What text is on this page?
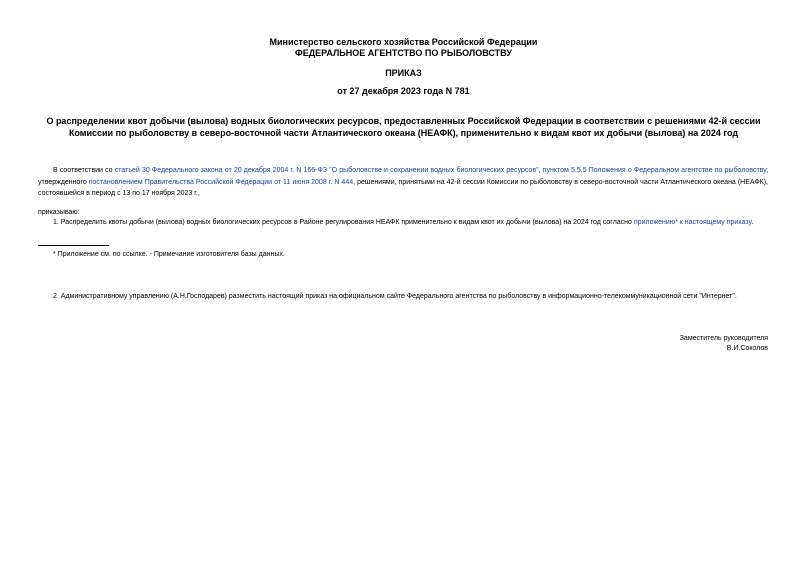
Министерство сельского хозяйства Российской Федерации
ФЕДЕРАЛЬНОЕ АГЕНТСТВО ПО РЫБОЛОВСТВУ
ПРИКАЗ
от 27 декабря 2023 года N 781
О распределении квот добычи (вылова) водных биологических ресурсов, предоставленных Российской Федерации в соответствии с решениями 42-й сессии Комиссии по рыболовству в северо-восточной части Атлантического океана (НЕАФК), применительно к видам квот их добычи (вылова) на 2024 год
В соответствии со статьей 30 Федерального закона от 20 декабря 2004 г. N 166-ФЗ "О рыболовстве и сохранении водных биологических ресурсов", пунктом 5.5.5 Положения о Федеральном агентстве по рыболовству, утвержденного постановлением Правительства Российской Федерации от 11 июня 2008 г. N 444, решениями, принятыми на 42-й сессии Комиссии по рыболовству в северо-восточной части Атлантического океана (НЕАФК), состоявшейся в период с 13 по 17 ноября 2023 г.,
приказываю:
1. Распределить квоты добычи (вылова) водных биологических ресурсов в Районе регулирования НЕАФК применительно к видам квот их добычи (вылова) на 2024 год согласно приложению* к настоящему приказу.
* Приложение см. по ссылке. - Примечание изготовителя базы данных.
2. Административному управлению (А.Н.Господарев) разместить настоящий приказ на официальном сайте Федерального агентства по рыболовству в информационно-телекоммуникационной сети "Интернет".
Заместитель руководителя
В.И.Соколов
